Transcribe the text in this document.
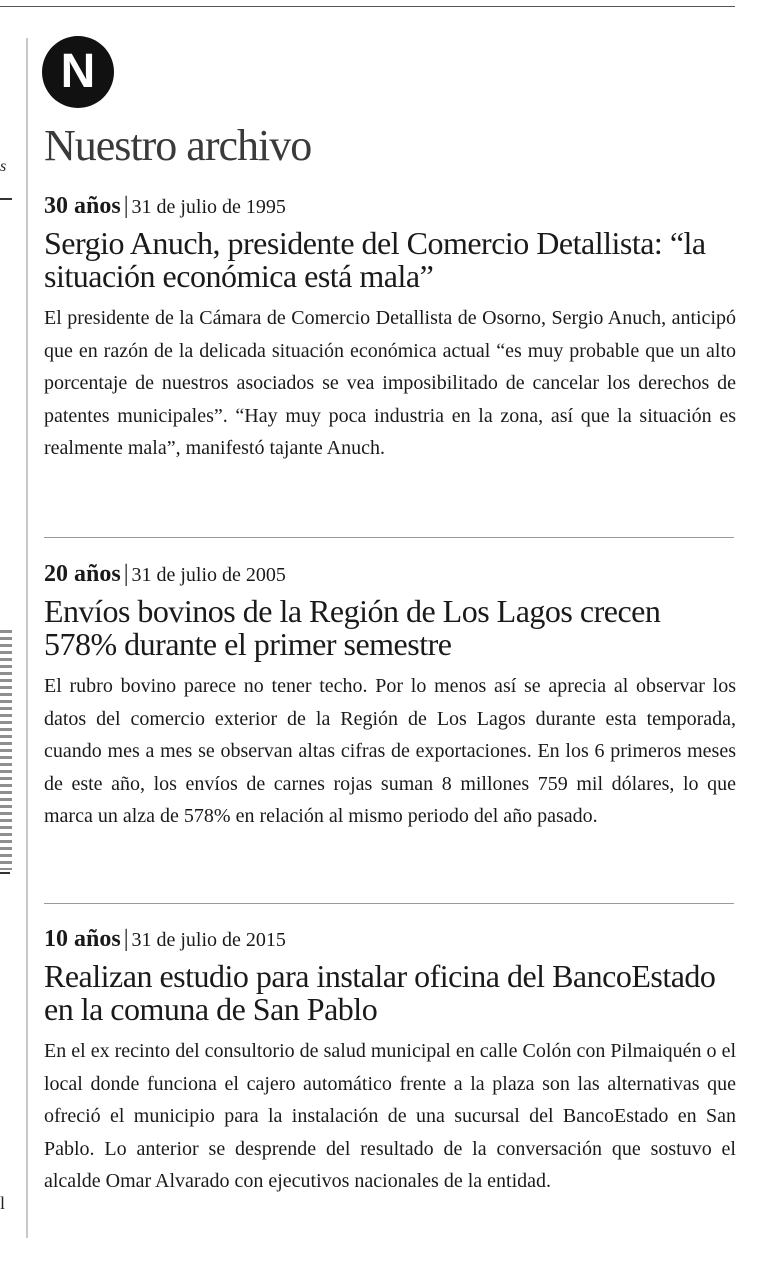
s
l
N
Nuestro archivo
30 años | 31 de julio de 1995
Sergio Anuch, presidente del Comercio Detallista: “la situación económica está mala”

El presidente de la Cámara de Comercio Detallista de Osorno, Sergio Anuch, anticipó que en razón de la delicada situación económica actual “es muy probable que un alto porcentaje de nuestros asociados se vea imposibilitado de cancelar los derechos de patentes municipales”. “Hay muy poca industria en la zona, así que la situación es realmente mala”, manifestó tajante Anuch.

20 años | 31 de julio de 2005
Envíos bovinos de la Región de Los Lagos crecen 578% durante el primer semestre

El rubro bovino parece no tener techo. Por lo menos así se aprecia al observar los datos del comercio exterior de la Región de Los Lagos durante esta temporada, cuando mes a mes se observan altas cifras de exportaciones. En los 6 primeros meses de este año, los envíos de carnes rojas suman 8 millones 759 mil dólares, lo que marca un alza de 578% en relación al mismo periodo del año pasado.

10 años | 31 de julio de 2015
Realizan estudio para instalar oficina del BancoEstado en la comuna de San Pablo

En el ex recinto del consultorio de salud municipal en calle Colón con Pilmaiquén o el local donde funciona el cajero automático frente a la plaza son las alternativas que ofreció el municipio para la instalación de una sucursal del BancoEstado en San Pablo. Lo anterior se desprende del resultado de la conversación que sostuvo el alcalde Omar Alvarado con ejecutivos nacionales de la entidad.
